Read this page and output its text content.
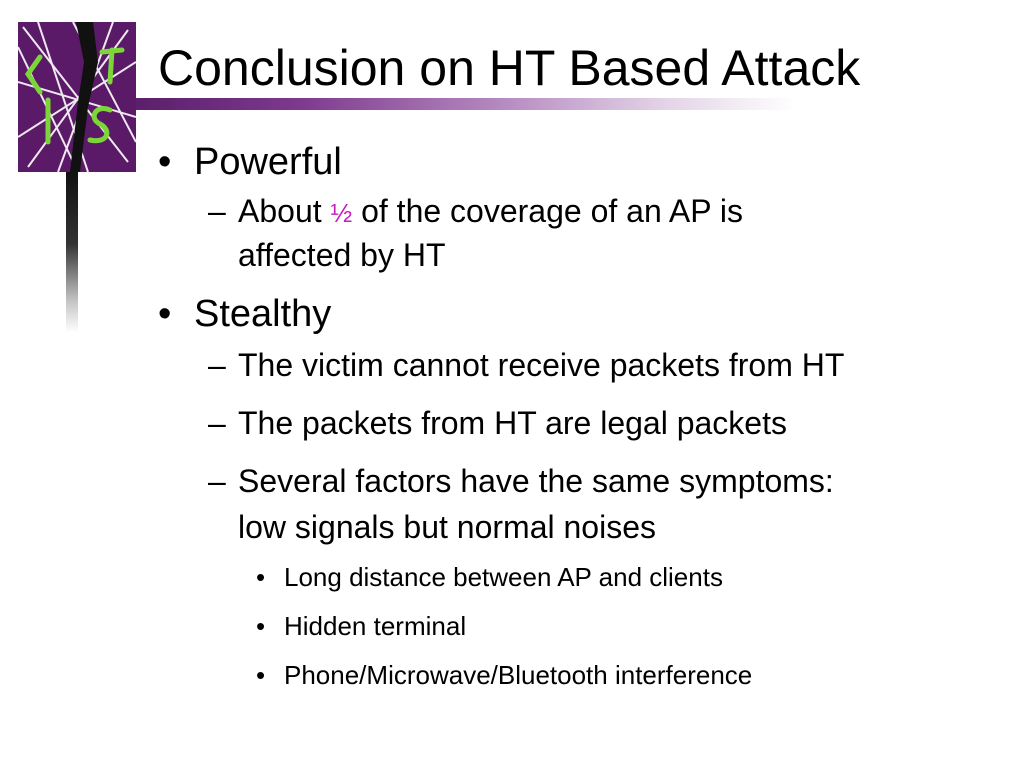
Conclusion on HT Based Attack
• Powerful
– About ½ of the coverage of an AP is
affected by HT
• Stealthy
– The victim cannot receive packets from HT
– The packets from HT are legal packets
– Several factors have the same symptoms:
low signals but normal noises
• Long distance between AP and clients
• Hidden terminal
• Phone/Microwave/Bluetooth interference
